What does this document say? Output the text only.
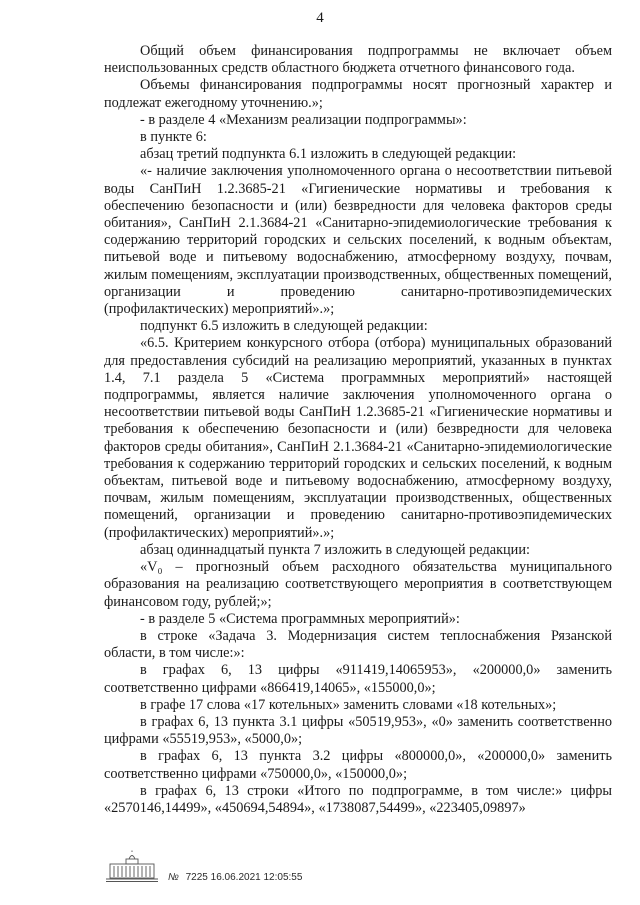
4

Общий объем финансирования подпрограммы не включает объем неиспользованных средств областного бюджета отчетного финансового года.

Объемы финансирования подпрограммы носят прогнозный характер и подлежат ежегодному уточнению.»;

- в разделе 4 «Механизм реализации подпрограммы»:

в пункте 6:

абзац третий подпункта 6.1 изложить в следующей редакции:

«- наличие заключения уполномоченного органа о несоответствии питьевой воды СанПиН 1.2.3685-21 «Гигиенические нормативы и требования к обеспечению безопасности и (или) безвредности для человека факторов среды обитания», СанПиН 2.1.3684-21 «Санитарно-эпидемиологические требования к содержанию территорий городских и сельских поселений, к водным объектам, питьевой воде и питьевому водоснабжению, атмосферному воздуху, почвам, жилым помещениям, эксплуатации производственных, общественных помещений, организации и проведению санитарно-противоэпидемических (профилактических) мероприятий».»;

подпункт 6.5 изложить в следующей редакции:

«6.5. Критерием конкурсного отбора (отбора) муниципальных образований для предоставления субсидий на реализацию мероприятий, указанных в пунктах 1.4, 7.1 раздела 5 «Система программных мероприятий» настоящей подпрограммы, является наличие заключения уполномоченного органа о несоответствии питьевой воды СанПиН 1.2.3685-21 «Гигиенические нормативы и требования к обеспечению безопасности и (или) безвредности для человека факторов среды обитания», СанПиН 2.1.3684-21 «Санитарно-эпидемиологические требования к содержанию территорий городских и сельских поселений, к водным объектам, питьевой воде и питьевому водоснабжению, атмосферному воздуху, почвам, жилым помещениям, эксплуатации производственных, общественных помещений, организации и проведению санитарно-противоэпидемических (профилактических) мероприятий».»;

абзац одиннадцатый пункта 7 изложить в следующей редакции:

«V₀ – прогнозный объем расходного обязательства муниципального образования на реализацию соответствующего мероприятия в соответствующем финансовом году, рублей;»;

- в разделе 5 «Система программных мероприятий»:

в строке «Задача 3. Модернизация систем теплоснабжения Рязанской области, в том числе:»:

в графах 6, 13 цифры «911419,14065953», «200000,0» заменить соответственно цифрами «866419,14065», «155000,0»;

в графе 17 слова «17 котельных» заменить словами «18 котельных»;

в графах 6, 13 пункта 3.1 цифры «50519,953», «0» заменить соответственно цифрами «55519,953», «5000,0»;

в графах 6, 13 пункта 3.2 цифры «800000,0», «200000,0» заменить соответственно цифрами «750000,0», «150000,0»;

в графах 6, 13 строки «Итого по подпрограмме, в том числе:» цифры «2570146,14499», «450694,54894», «1738087,54499», «223405,09897»

№ 7225 16.06.2021 12:05:55
